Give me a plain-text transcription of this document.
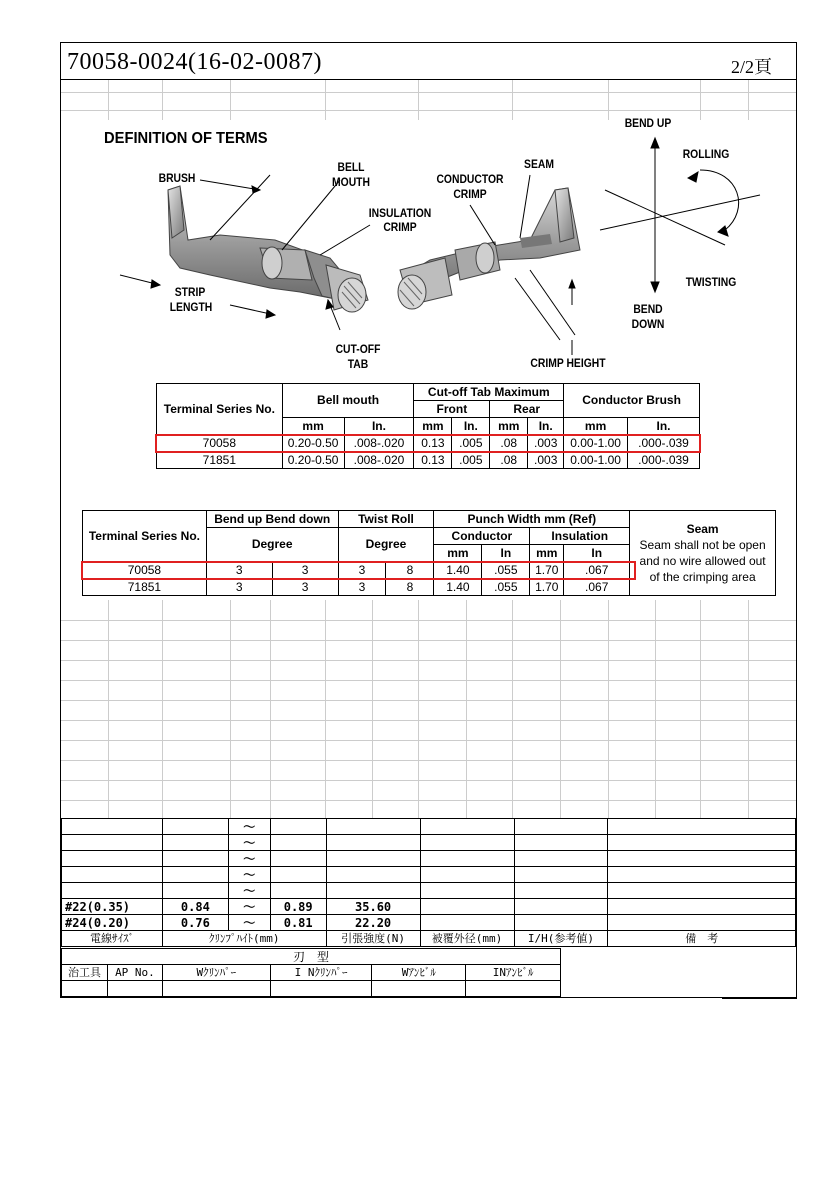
70058-0024(16-02-0087)	2/2頁
DEFINITION OF TERMS
BRUSH
BELL
MOUTH
INSULATION
CRIMP
STRIP
LENGTH
CUT-OFF
TAB
CONDUCTOR
CRIMP
SEAM
CRIMP HEIGHT
BEND UP
ROLLING
TWISTING
BEND
DOWN
Terminal Series No.	Bell mouth		Cut-off Tab Maximum				Conductor Brush	
			Front		Rear			
	mm	In.	mm	In.	mm	In.	mm	In.
70058	0.20-0.50	.008-.020	0.13	.005	.08	.003	0.00-1.00	.000-.039
71851	0.20-0.50	.008-.020	0.13	.005	.08	.003	0.00-1.00	.000-.039
Terminal Series No.	Bend up Bend down		Twist Roll		Punch Width mm (Ref)				Seam
Seam shall not be open
and no wire allowed out
of the crimping area

	Degree		Degree		Conductor		Insulation		
					mm	In	mm	In	
70058	3	3	3	8	1.40	.055	1.70	.067	
71851	3	3	3	8	1.40	.055	1.70	.067	
		～					
		～					
		～					
		～					
		～					
#22(0.35)	0.84	～	0.89	35.60			
#24(0.20)	0.76	～	0.81	22.20			
電線ｻｲｽﾞ	ｸﾘﾝﾌﾟﾊｲﾄ(mm)			引張強度(N)	被覆外径(mm)	I/H(参考値)	備　考
刃　型					
治工具	AP No.	Wｸﾘﾝﾊﾟｰ	I Nｸﾘﾝﾊﾟｰ	Wｱﾝﾋﾞﾙ	INｱﾝﾋﾞﾙ
